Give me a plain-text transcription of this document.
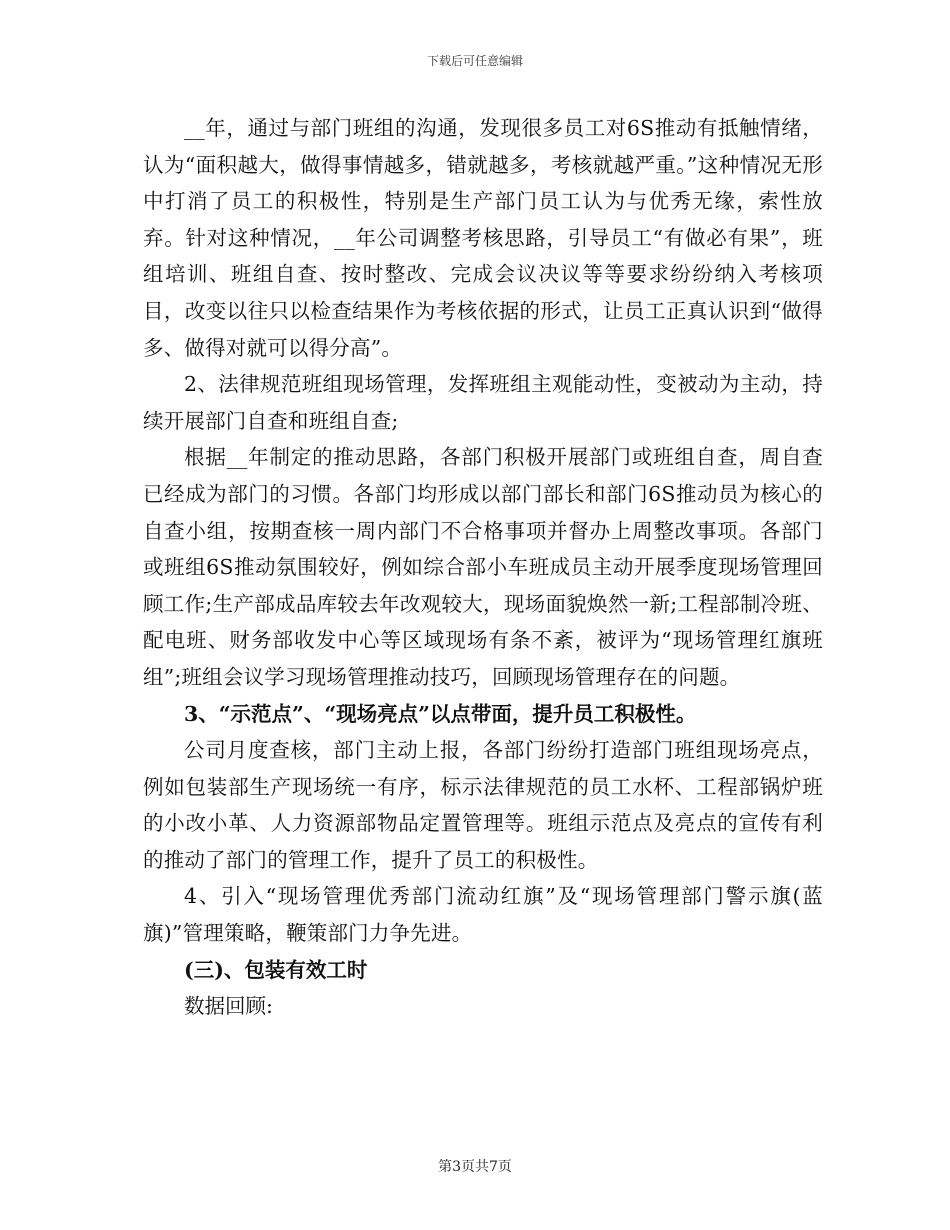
下载后可任意编辑

__年，通过与部门班组的沟通，发现很多员工对6S推动有抵触情绪，认为“面积越大，做得事情越多，错就越多，考核就越严重。”这种情况无形中打消了员工的积极性，特别是生产部门员工认为与优秀无缘，索性放弃。针对这种情况，__年公司调整考核思路，引导员工“有做必有果”，班组培训、班组自查、按时整改、完成会议决议等等要求纷纷纳入考核项目，改变以往只以检查结果作为考核依据的形式，让员工正真认识到“做得多、做得对就可以得分高”。

2、法律规范班组现场管理，发挥班组主观能动性，变被动为主动，持续开展部门自查和班组自查;

根据__年制定的推动思路，各部门积极开展部门或班组自查，周自查已经成为部门的习惯。各部门均形成以部门部长和部门6S推动员为核心的自查小组，按期查核一周内部门不合格事项并督办上周整改事项。各部门或班组6S推动氛围较好，例如综合部小车班成员主动开展季度现场管理回顾工作;生产部成品库较去年改观较大，现场面貌焕然一新;工程部制冷班、配电班、财务部收发中心等区域现场有条不紊，被评为“现场管理红旗班组”;班组会议学习现场管理推动技巧，回顾现场管理存在的问题。

3、“示范点”、“现场亮点”以点带面，提升员工积极性。

公司月度查核，部门主动上报，各部门纷纷打造部门班组现场亮点，例如包装部生产现场统一有序，标示法律规范的员工水杯、工程部锅炉班的小改小革、人力资源部物品定置管理等。班组示范点及亮点的宣传有利的推动了部门的管理工作，提升了员工的积极性。

4、引入“现场管理优秀部门流动红旗”及“现场管理部门警示旗(蓝旗)”管理策略，鞭策部门力争先进。

(三)、包装有效工时

数据回顾:

第3页共7页
